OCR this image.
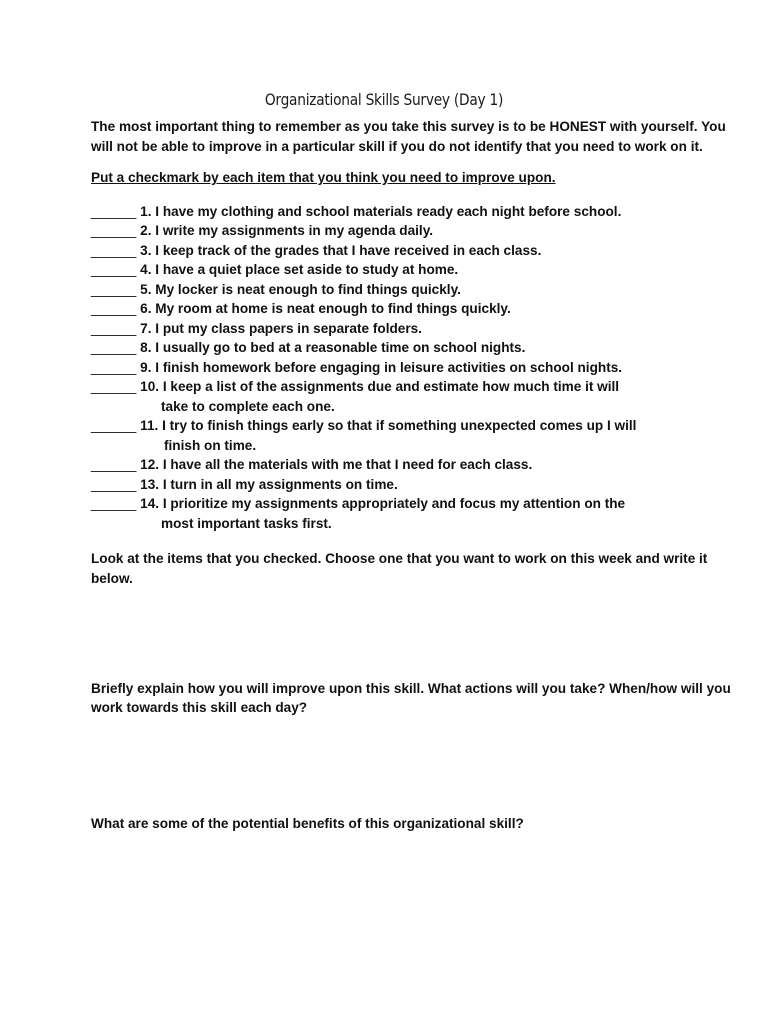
Organizational Skills Survey (Day 1)

The most important thing to remember as you take this survey is to be HONEST with yourself. You will not be able to improve in a particular skill if you do not identify that you need to work on it.

Put a checkmark by each item that you think you need to improve upon.

______ 1. I have my clothing and school materials ready each night before school.
______ 2. I write my assignments in my agenda daily.
______ 3. I keep track of the grades that I have received in each class.
______ 4. I have a quiet place set aside to study at home.
______ 5. My locker is neat enough to find things quickly.
______ 6. My room at home is neat enough to find things quickly.
______ 7. I put my class papers in separate folders.
______ 8. I usually go to bed at a reasonable time on school nights.
______ 9. I finish homework before engaging in leisure activities on school nights.
______ 10. I keep a list of the assignments due and estimate how much time it will
take to complete each one.
______ 11. I try to finish things early so that if something unexpected comes up I will
finish on time.
______ 12. I have all the materials with me that I need for each class.
______ 13. I turn in all my assignments on time.
______ 14. I prioritize my assignments appropriately and focus my attention on the
most important tasks first.

Look at the items that you checked. Choose one that you want to work on this week and write it below.

Briefly explain how you will improve upon this skill. What actions will you take? When/how will you work towards this skill each day?

What are some of the potential benefits of this organizational skill?
